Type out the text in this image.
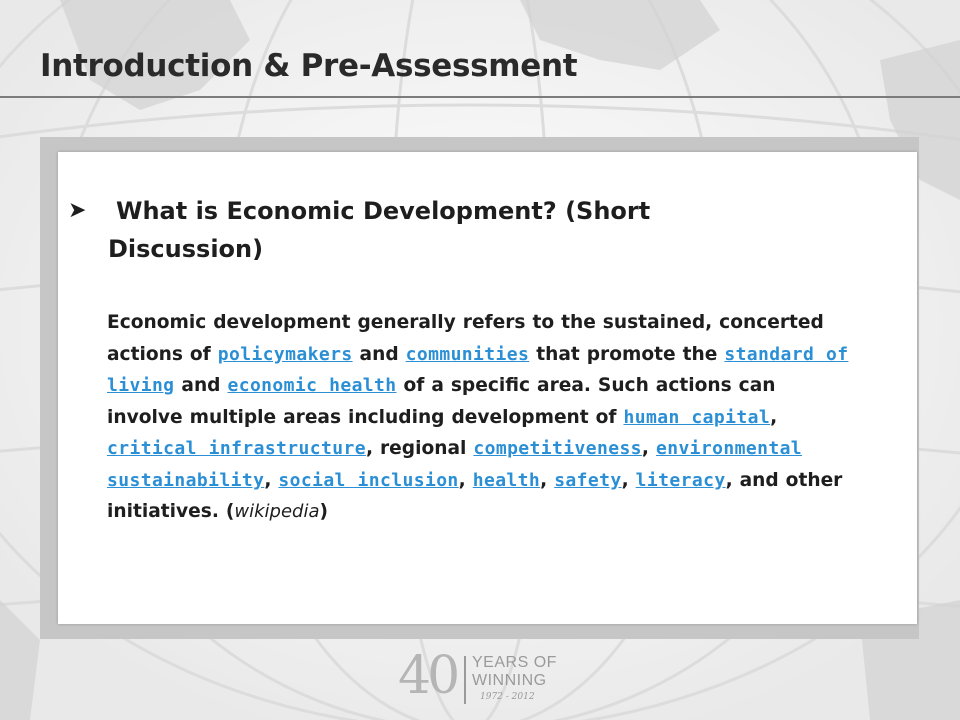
Introduction & Pre-Assessment
➤	What is Economic Development? (Short
Discussion)

Economic development generally refers to the sustained, concerted actions of policymakers and communities that promote the standard of living and economic health of a specific area. Such actions can involve multiple areas including development of human capital, critical infrastructure, regional competitiveness, environmental sustainability, social inclusion, health, safety, literacy, and other initiatives. (wikipedia)

40 YEARS OF
WINNING
1972 - 2012
